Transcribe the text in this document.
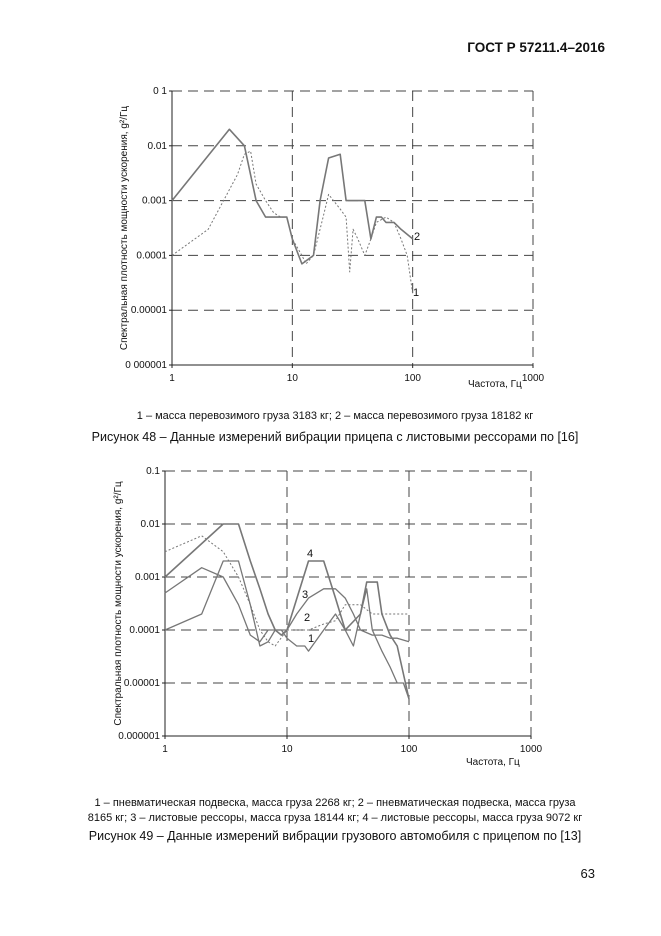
ГОСТ Р 57211.4–2016
0 000001
0.00001
0.0001
0.001
0.01
0 1
1	10	100	1000
Частота, Гц
Спектральная плотность мощности ускорения, g²/Гц	1
2
0.000001
0.00001
0.0001
0.001
0.01
0.1
1	10	100	1000
Частота, Гц
Спектральная плотность мощности ускорения, g²/Гц	1
2
3
4
1 – масса перевозимого груза 3183 кг; 2 – масса перевозимого груза 18182 кг
Рисунок 48 – Данные измерений вибрации прицепа с листовыми рессорами по [16]
1 – пневматическая подвеска, масса груза 2268 кг; 2 – пневматическая подвеска, масса груза
8165 кг; 3 – листовые рессоры, масса груза 18144 кг; 4 – листовые рессоры, масса груза 9072 кг
Рисунок 49 – Данные измерений вибрации грузового автомобиля с прицепом по [13]
63
